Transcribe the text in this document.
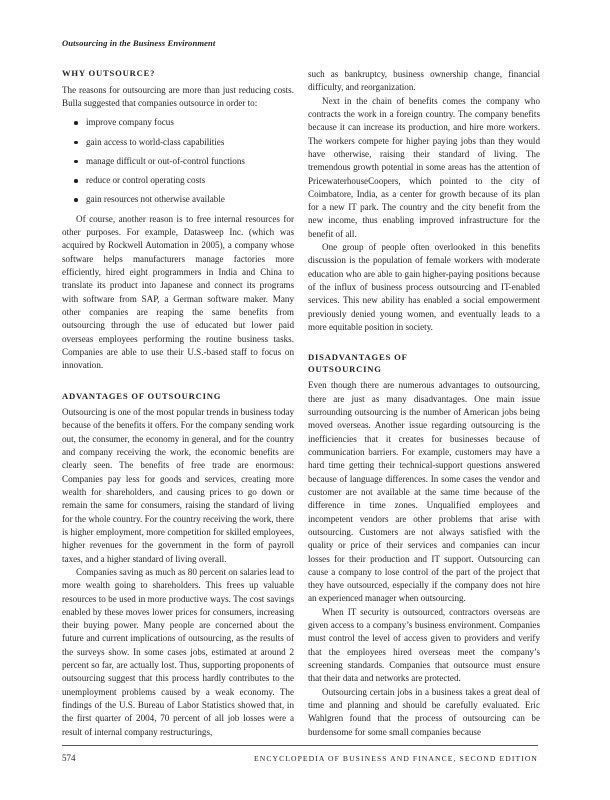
Outsourcing in the Business Environment
WHY OUTSOURCE?

The reasons for outsourcing are more than just reducing costs. Bulla suggested that companies outsource in order to:

improve company focus
gain access to world-class capabilities
manage difficult or out-of-control functions
reduce or control operating costs
gain resources not otherwise available

Of course, another reason is to free internal resources for other purposes. For example, Datasweep Inc. (which was acquired by Rockwell Automation in 2005), a company whose software helps manufacturers manage factories more efficiently, hired eight programmers in India and China to translate its product into Japanese and connect its programs with software from SAP, a German software maker. Many other companies are reaping the same benefits from outsourcing through the use of educated but lower paid overseas employees performing the routine business tasks. Companies are able to use their U.S.-based staff to focus on innovation.

ADVANTAGES OF OUTSOURCING

Outsourcing is one of the most popular trends in business today because of the benefits it offers. For the company sending work out, the consumer, the economy in general, and for the country and company receiving the work, the economic benefits are clearly seen. The benefits of free trade are enormous: Companies pay less for goods and services, creating more wealth for shareholders, and causing prices to go down or remain the same for consumers, raising the standard of living for the whole country. For the country receiving the work, there is higher employment, more competition for skilled employees, higher revenues for the government in the form of payroll taxes, and a higher standard of living overall.

Companies saving as much as 80 percent on salaries lead to more wealth going to shareholders. This frees up valuable resources to be used in more productive ways. The cost savings enabled by these moves lower prices for consumers, increasing their buying power. Many people are concerned about the future and current implications of outsourcing, as the results of the surveys show. In some cases jobs, estimated at around 2 percent so far, are actually lost. Thus, supporting proponents of outsourcing suggest that this process hardly contributes to the unemployment problems caused by a weak economy. The findings of the U.S. Bureau of Labor Statistics showed that, in the first quarter of 2004, 70 percent of all job losses were a result of internal company restructurings,

such as bankruptcy, business ownership change, financial difficulty, and reorganization.

Next in the chain of benefits comes the company who contracts the work in a foreign country. The company benefits because it can increase its production, and hire more workers. The workers compete for higher paying jobs than they would have otherwise, raising their standard of living. The tremendous growth potential in some areas has the attention of PricewaterhouseCoopers, which pointed to the city of Coimbatore, India, as a center for growth because of its plan for a new IT park. The country and the city benefit from the new income, thus enabling improved infrastructure for the benefit of all.

One group of people often overlooked in this benefits discussion is the population of female workers with moderate education who are able to gain higher-paying positions because of the influx of business process outsourcing and IT-enabled services. This new ability has enabled a social empowerment previously denied young women, and eventually leads to a more equitable position in society.

DISADVANTAGES OF OUTSOURCING

Even though there are numerous advantages to outsourcing, there are just as many disadvantages. One main issue surrounding outsourcing is the number of American jobs being moved overseas. Another issue regarding outsourcing is the inefficiencies that it creates for businesses because of communication barriers. For example, customers may have a hard time getting their technical-support questions answered because of language differences. In some cases the vendor and customer are not available at the same time because of the difference in time zones. Unqualified employees and incompetent vendors are other problems that arise with outsourcing. Customers are not always satisfied with the quality or price of their services and companies can incur losses for their production and IT support. Outsourcing can cause a company to lose control of the part of the project that they have outsourced, especially if the company does not hire an experienced manager when outsourcing.

When IT security is outsourced, contractors overseas are given access to a company’s business environment. Companies must control the level of access given to providers and verify that the employees hired overseas meet the company’s screening standards. Companies that outsource must ensure that their data and networks are protected.

Outsourcing certain jobs in a business takes a great deal of time and planning and should be carefully evaluated. Eric Wahlgren found that the process of outsourcing can be burdensome for some small companies because

574	ENCYCLOPEDIA OF BUSINESS AND FINANCE, SECOND EDITION
